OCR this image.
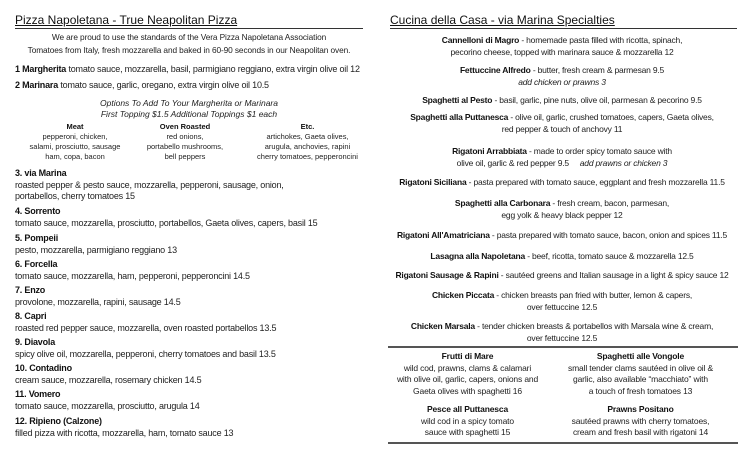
Pizza Napoletana - True Neapolitan Pizza
We are proud to use the standards of the Vera Pizza Napoletana Association
Tomatoes from Italy, fresh mozzarella and baked in 60-90 seconds in our Neapolitan oven.
1 Margherita tomato sauce, mozzarella, basil, parmigiano reggiano, extra virgin olive oil 12
2 Marinara tomato sauce, garlic, oregano, extra virgin olive oil 10.5
Options To Add To Your Margherita or Marinara
First Topping $1.5 Additional Toppings $1 each
Meat
pepperoni, chicken,
salami, prosciutto, sausage
ham, copa, bacon
Oven Roasted
red onions,
portabello mushrooms,
bell peppers
Etc.
artichokes, Gaeta olives,
arugula, anchovies, rapini
cherry tomatoes, pepperoncini
3. via Marina
roasted pepper & pesto sauce, mozzarella, pepperoni, sausage, onion,
portabellos, cherry tomatoes 15
4. Sorrento
tomato sauce, mozzarella, prosciutto, portabellos, Gaeta olives, capers, basil 15
5. Pompeii
pesto, mozzarella, parmigiano reggiano 13
6. Forcella
tomato sauce, mozzarella, ham, pepperoni, pepperoncini 14.5
7. Enzo
provolone, mozzarella, rapini, sausage 14.5
8. Capri
roasted red pepper sauce, mozzarella, oven roasted portabellos 13.5
9. Diavola
spicy olive oil, mozzarella, pepperoni, cherry tomatoes and basil 13.5
10. Contadino
cream sauce, mozzarella, rosemary chicken 14.5
11. Vomero
tomato sauce, mozzarella, prosciutto, arugula 14
12. Ripieno (Calzone)
filled pizza with ricotta, mozzarella, ham, tomato sauce 13
Cucina della Casa - via Marina Specialties
Cannelloni di Magro - homemade pasta filled with ricotta, spinach,
pecorino cheese, topped with marinara sauce & mozzarella 12
Fettuccine Alfredo - butter, fresh cream & parmesan 9.5
add chicken or prawns 3
Spaghetti al Pesto - basil, garlic, pine nuts, olive oil, parmesan & pecorino 9.5
Spaghetti alla Puttanesca - olive oil, garlic, crushed tomatoes, capers, Gaeta olives,
red pepper & touch of anchovy 11
Rigatoni Arrabbiata - made to order spicy tomato sauce with
olive oil, garlic & red pepper 9.5 add prawns or chicken 3
Rigatoni Siciliana - pasta prepared with tomato sauce, eggplant and fresh mozzarella 11.5
Spaghetti alla Carbonara - fresh cream, bacon, parmesan,
egg yolk & heavy black pepper 12
Rigatoni All'Amatriciana - pasta prepared with tomato sauce, bacon, onion and spices 11.5
Lasagna alla Napoletana - beef, ricotta, tomato sauce & mozzarella 12.5
Rigatoni Sausage & Rapini - sautéed greens and Italian sausage in a light & spicy sauce 12
Chicken Piccata - chicken breasts pan fried with butter, lemon & capers,
over fettuccine 12.5
Chicken Marsala - tender chicken breasts & portabellos with Marsala wine & cream,
over fettuccine 12.5
Frutti di Mare
wild cod, prawns, clams & calamari
with olive oil, garlic, capers, onions and
Gaeta olives with spaghetti 16
Spaghetti alle Vongole
small tender clams sautéed in olive oil &
garlic, also available “macchiato” with
a touch of fresh tomatoes 13
Pesce all Puttanesca
wild cod in a spicy tomato
sauce with spaghetti 15
Prawns Positano
sautéed prawns with cherry tomatoes,
cream and fresh basil with rigatoni 14
